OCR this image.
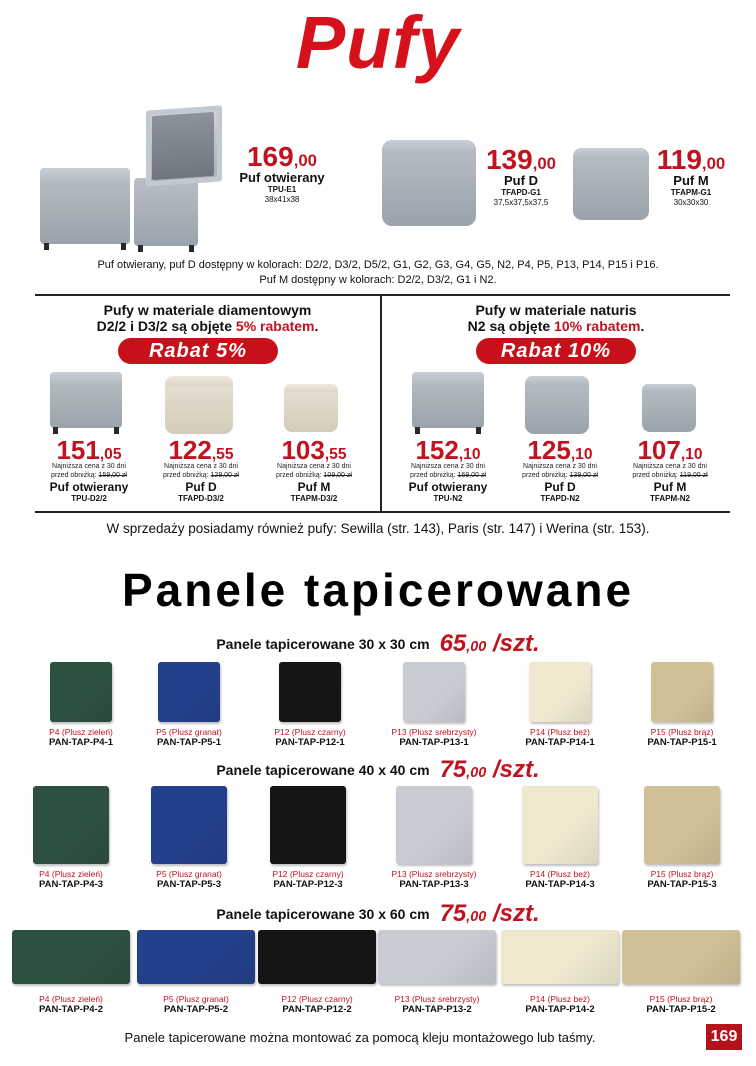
Pufy
169,00
Puf otwierany
TPU-E1
38x41x38
139,00
Puf D
TFAPD-G1
37,5x37,5x37,5
119,00
Puf M
TFAPM-G1
30x30x30
Puf otwierany, puf D dostępny w kolorach: D2/2, D3/2, D5/2, G1, G2, G3, G4, G5, N2, P4, P5, P13, P14, P15 i P16.
Puf M dostępny w kolorach: D2/2, D3/2, G1 i N2.
Pufy w materiale diamentowym
D2/2 i D3/2 są objęte 5% rabatem.
Rabat 5%
151,05
Najniższa cena z 30 dni
przed obniżką: 159,00 zł
Puf otwierany
TPU-D2/2
122,55
Najniższa cena z 30 dni
przed obniżką: 129,00 zł
Puf D
TFAPD-D3/2
103,55
Najniższa cena z 30 dni
przed obniżką: 109,00 zł
Puf M
TFAPM-D3/2
Pufy w materiale naturis
N2 są objęte 10% rabatem.
Rabat 10%
152,10
Najniższa cena z 30 dni
przed obniżką: 169,00 zł
Puf otwierany
TPU-N2
125,10
Najniższa cena z 30 dni
przed obniżką: 139,00 zł
Puf D
TFAPD-N2
107,10
Najniższa cena z 30 dni
przed obniżką: 119,00 zł
Puf M
TFAPM-N2
W sprzedaży posiadamy również pufy: Sewilla (str. 143), Paris (str. 147) i Werina (str. 153).
Panele tapicerowane
Panele tapicerowane 30 x 30 cm 65,00 /szt.
Panele tapicerowane 40 x 40 cm 75,00 /szt.
Panele tapicerowane 30 x 60 cm 75,00 /szt.
P4 (Plusz zieleń)
PAN-TAP-P4-1
P5 (Plusz granat)
PAN-TAP-P5-1
P12 (Plusz czarny)
PAN-TAP-P12-1
P13 (Plusz srebrzysty)
PAN-TAP-P13-1
P14 (Plusz beż)
PAN-TAP-P14-1
P15 (Plusz brąz)
PAN-TAP-P15-1
P4 (Plusz zieleń)
PAN-TAP-P4-3
P5 (Plusz granat)
PAN-TAP-P5-3
P12 (Plusz czarny)
PAN-TAP-P12-3
P13 (Plusz srebrzysty)
PAN-TAP-P13-3
P14 (Plusz beż)
PAN-TAP-P14-3
P15 (Plusz brąz)
PAN-TAP-P15-3
P4 (Plusz zieleń)
PAN-TAP-P4-2
P5 (Plusz granat)
PAN-TAP-P5-2
P12 (Plusz czarny)
PAN-TAP-P12-2
P13 (Plusz srebrzysty)
PAN-TAP-P13-2
P14 (Plusz beż)
PAN-TAP-P14-2
P15 (Plusz brąz)
PAN-TAP-P15-2
Panele tapicerowane można montować za pomocą kleju montażowego lub taśmy.	169
